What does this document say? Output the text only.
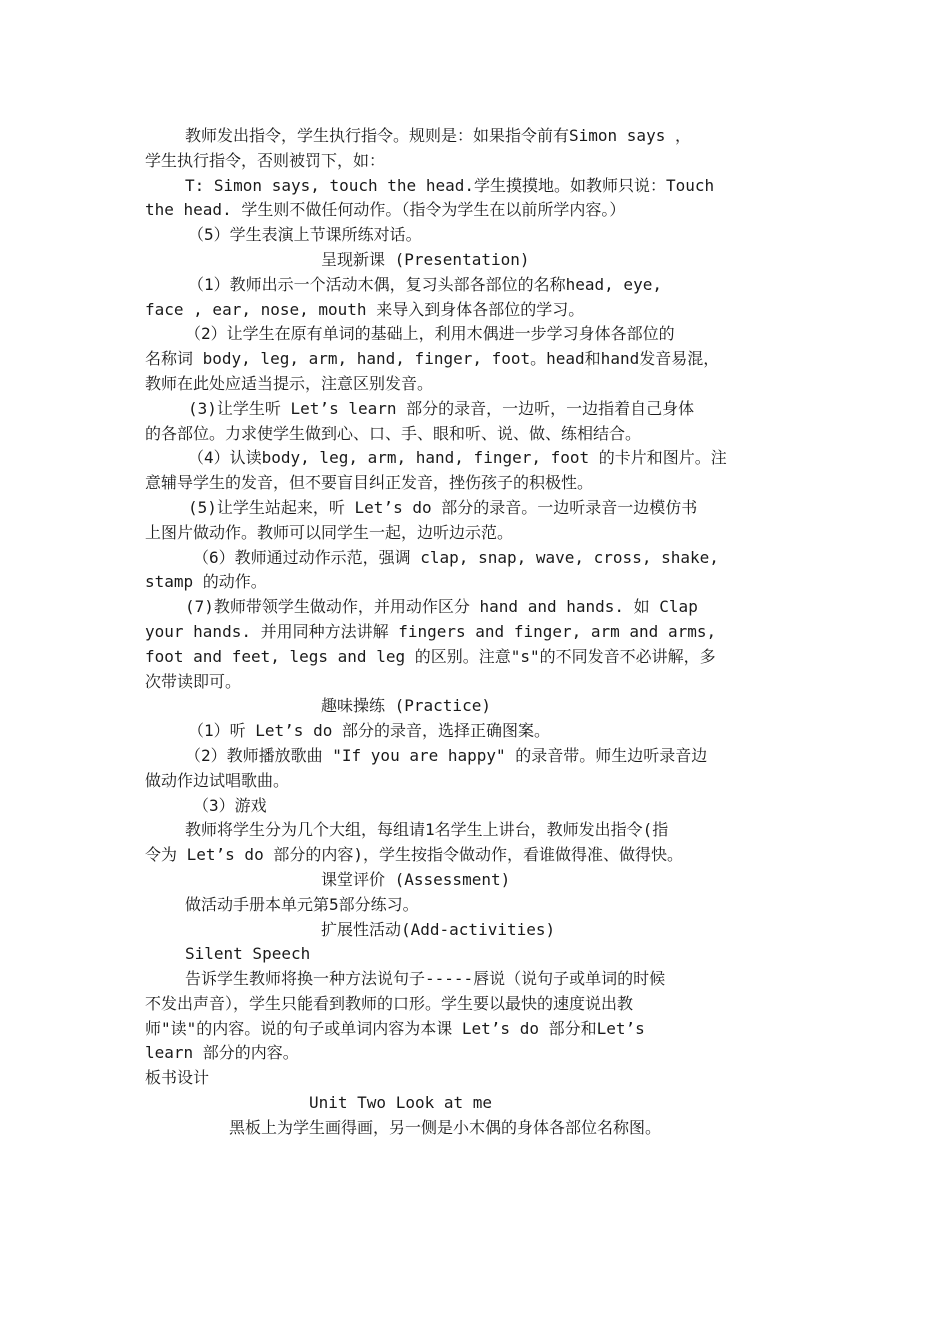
教师发出指令，学生执行指令。规则是：如果指令前有Simon says ，
学生执行指令，否则被罚下，如：
T: Simon says, touch the head.学生摸摸地。如教师只说：Touch
the head. 学生则不做任何动作。（指令为学生在以前所学内容。）
（5）学生表演上节课所练对话。
呈现新课 (Presentation)
（1）教师出示一个活动木偶，复习头部各部位的名称head, eye,
face , ear, nose, mouth 来导入到身体各部位的学习。
（2）让学生在原有单词的基础上，利用木偶进一步学习身体各部位的
名称词 body, leg, arm, hand, finger, foot。head和hand发音易混，
教师在此处应适当提示，注意区别发音。
(3)让学生听 Let’s learn 部分的录音，一边听，一边指着自己身体
的各部位。力求使学生做到心、口、手、眼和听、说、做、练相结合。
（4）认读body, leg, arm, hand, finger, foot 的卡片和图片。注
意辅导学生的发音，但不要盲目纠正发音，挫伤孩子的积极性。
(5)让学生站起来，听 Let’s do 部分的录音。一边听录音一边模仿书
上图片做动作。教师可以同学生一起，边听边示范。
（6）教师通过动作示范，强调 clap, snap, wave, cross, shake,
stamp 的动作。
(7)教师带领学生做动作，并用动作区分 hand and hands. 如 Clap
your hands. 并用同种方法讲解 fingers and finger, arm and arms,
foot and feet, legs and leg 的区别。注意"s"的不同发音不必讲解，多
次带读即可。
趣味操练 (Practice)
（1）听 Let’s do 部分的录音，选择正确图案。
（2）教师播放歌曲 "If you are happy" 的录音带。师生边听录音边
做动作边试唱歌曲。
（3）游戏
教师将学生分为几个大组，每组请1名学生上讲台，教师发出指令(指
令为 Let’s do 部分的内容)，学生按指令做动作，看谁做得准、做得快。
课堂评价 (Assessment)
做活动手册本单元第5部分练习。
扩展性活动(Add-activities)
Silent Speech
告诉学生教师将换一种方法说句子-----唇说（说句子或单词的时候
不发出声音），学生只能看到教师的口形。学生要以最快的速度说出教
师"读"的内容。说的句子或单词内容为本课 Let’s do 部分和Let’s
learn 部分的内容。
板书设计
Unit Two Look at me
黑板上为学生画得画，另一侧是小木偶的身体各部位名称图。
